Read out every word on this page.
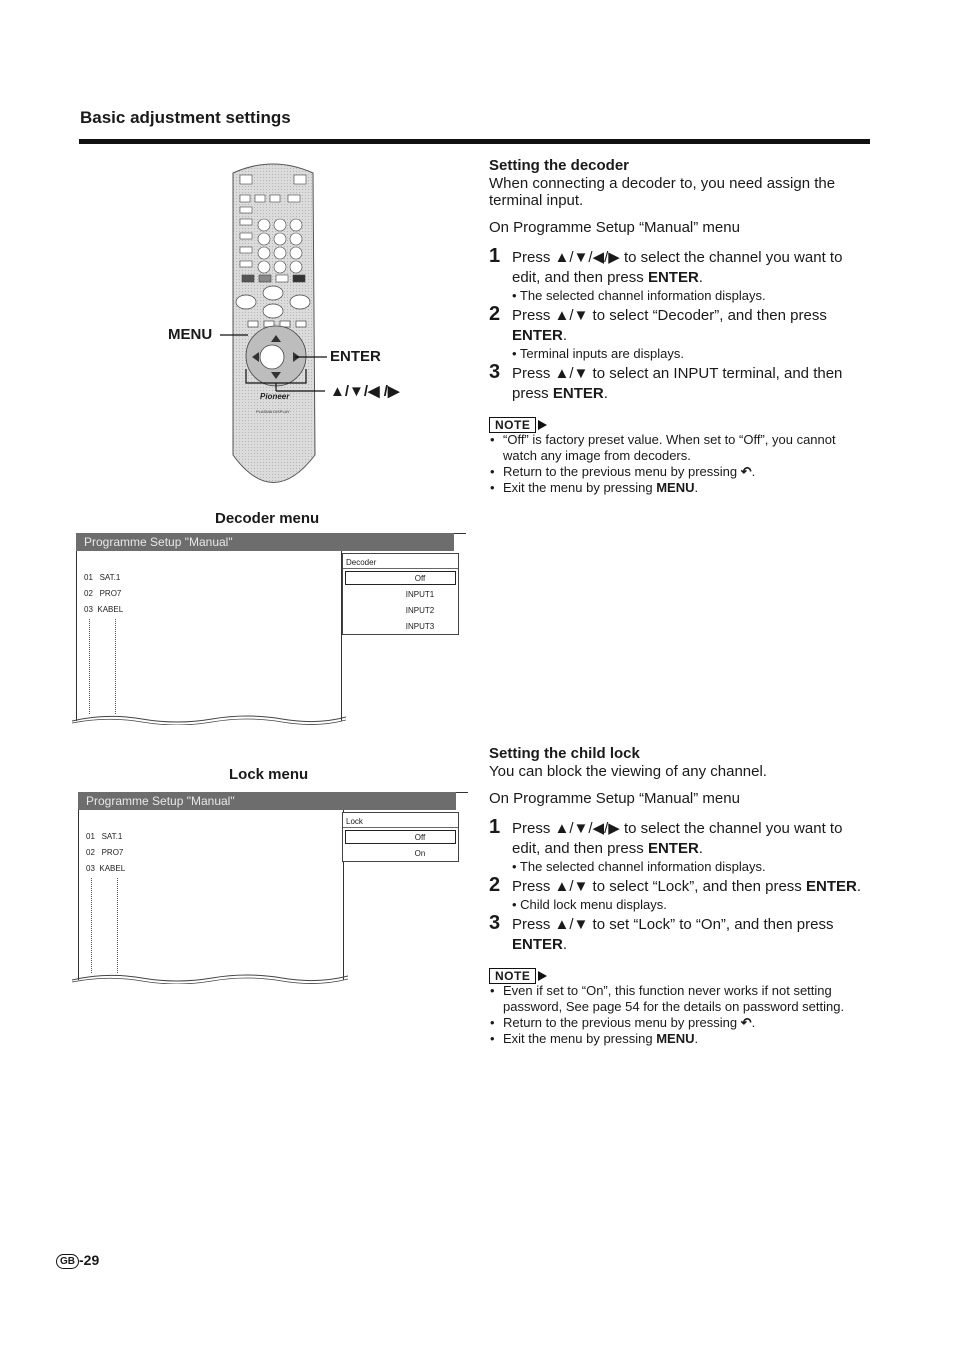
Basic adjustment settings
Pioneer
PLASMA DISPLAY
MENU
ENTER
▲/▼/◀ /▶
Decoder menu
Programme Setup "Manual"
01 SAT.1
02 PRO7
03 KABEL
Decoder
Off
INPUT1
INPUT2
INPUT3
Lock menu
Programme Setup "Manual"
01 SAT.1
02 PRO7
03 KABEL
Lock
Off
On

Setting the decoder

When connecting a decoder to, you need assign the terminal input.

On Programme Setup “Manual” menu

1 Press ▲/▼/◀/▶ to select the channel you want to edit, and then press ENTER.
• The selected channel information displays.
2 Press ▲/▼ to select “Decoder”, and then press ENTER.
• Terminal inputs are displays.
3 Press ▲/▼ to select an INPUT terminal, and then press ENTER.
NOTE
• “Off” is factory preset value. When set to “Off”, you cannot watch any image from decoders.
• Return to the previous menu by pressing ↶.
• Exit the menu by pressing MENU.

Setting the child lock

You can block the viewing of any channel.

On Programme Setup “Manual” menu

1 Press ▲/▼/◀/▶ to select the channel you want to edit, and then press ENTER.
• The selected channel information displays.
2 Press ▲/▼ to select “Lock”, and then press ENTER.
• Child lock menu displays.
3 Press ▲/▼ to set “Lock” to “On”, and then press ENTER.
NOTE
• Even if set to “On”, this function never works if not setting password, See page 54 for the details on password setting.
• Return to the previous menu by pressing ↶.
• Exit the menu by pressing MENU.
GB -29
